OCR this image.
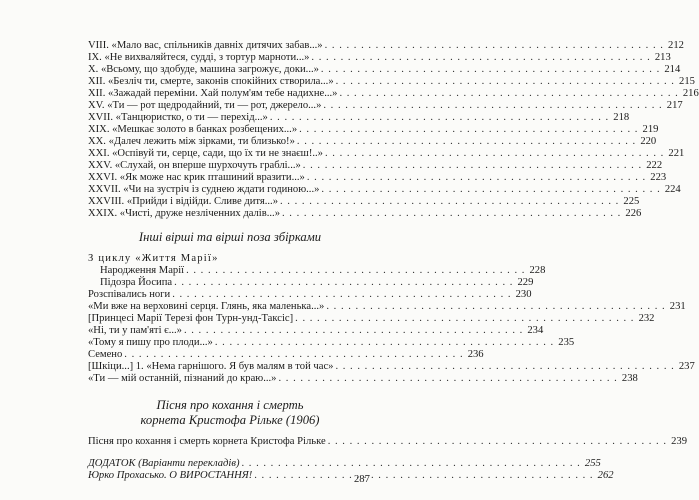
VIII. «Мало вас, спільників давніх дитячих забав...» . . .	212
IX. «Не вихваляйтеся, судді, з тортур марноти...» . . .	213
X. «Всьому, що здобуде, машина загрожує, доки...» . . .	214
XII. «Безліч ти, смерте, законів спокійних створила...» . . .	215
XII. «Зажадай переміни. Хай полум'ям тебе надихне...» . . .	216
XV. «Ти — рот щедродайний, ти — рот, джерело...» . . .	217
XVII. «Танцюристко, о ти — перехід...» . . .	218
XIX. «Мешкає золото в банках розбещених...» . . .	219
XX. «Далеч лежить між зірками, ти близько!» . . .	220
XXI. «Оспівуй ти, серце, сади, що їх ти не знаєш!..» . . .	221
XXV. «Слухай, он вперше шурхочуть граблі...» . . .	222
XXVI. «Як може нас крик пташиний вразити...» . . .	223
XXVII. «Чи на зустріч із суднею ждати годиною...» . . .	224
XXVIII. «Прийди і відійди. Сливе дитя...» . . .	225
XXIX. «Чисті, друже незліченних далів...» . . .	226
Інші вірші та вірші поза збірками
З циклу «Життя Марії»
Народження Марії . . .	228
Підозра Йосипа . . .	229
Розспівались ноги . . .	230
«Ми вже на верховині серця. Глянь, яка маленька...» . . .	231
[Принцесі Марії Терезі фон Турн-унд-Таксіс] . . .	232
«Ні, ти у пам'яті є...» . . .	234
«Тому я пишу про плоди...» . . .	235
Семено . . .	236
[Шкіци...] 1. «Нема гарнішого. Я був малям в той час» . . .	237
«Ти — мій останній, пізнаний до краю...» . . .	238
Пісня про кохання і смерть
корнета Кристофа Рільке (1906)
Пісня про кохання і смерть корнета Кристофа Рільке . . .	239
ДОДАТОК (Варіанти перекладів) . . .	255
Юрко Прохасько. О ВИРОСТАННЯ! . . .	262
287
